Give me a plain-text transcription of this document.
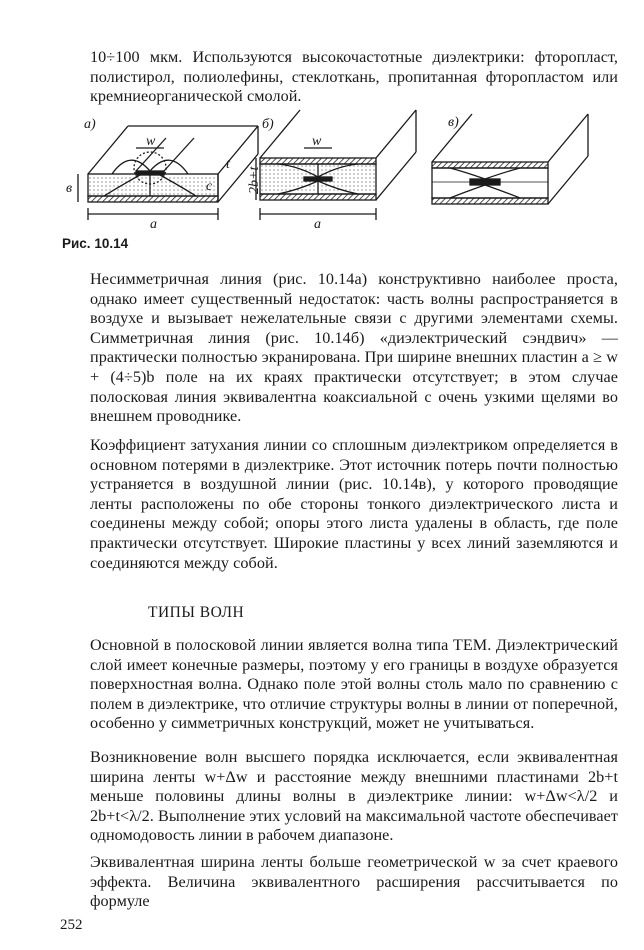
10÷100 мкм. Используются высокочастотные диэлектрики: фторопласт, полистирол, полиолефины, стеклоткань, пропитанная фторопластом или кремниеорганической смолой.

а)
w
в
t
c
a
б)
w
2b+t
a
в)
Рис. 10.14

Несимметричная линия (рис. 10.14а) конструктивно наиболее проста, однако имеет существенный недостаток: часть волны распространяется в воздухе и вызывает нежелательные связи с другими элементами схемы. Симметричная линия (рис. 10.14б) «диэлектрический сэндвич» — практически полностью экранирована. При ширине внешних пластин a ≥ w + (4÷5)b поле на их краях практически отсутствует; в этом случае полосковая линия эквивалентна коаксиальной с очень узкими щелями во внешнем проводнике.

Коэффициент затухания линии со сплошным диэлектриком определяется в основном потерями в диэлектрике. Этот источник потерь почти полностью устраняется в воздушной линии (рис. 10.14в), у которого проводящие ленты расположены по обе стороны тонкого диэлектрического листа и соединены между собой; опоры этого листа удалены в область, где поле практически отсутствует. Широкие пластины у всех линий заземляются и соединяются между собой.

ТИПЫ ВОЛН

Основной в полосковой линии является волна типа ТЕМ. Диэлектрический слой имеет конечные размеры, поэтому у его границы в воздухе образуется поверхностная волна. Однако поле этой волны столь мало по сравнению с полем в диэлектрике, что отличие структуры волны в линии от поперечной, особенно у симметричных конструкций, может не учитываться.

Возникновение волн высшего порядка исключается, если эквивалентная ширина ленты w+Δw и расстояние между внешними пластинами 2b+t меньше половины длины волны в диэлектрике линии: w+Δw<λ/2 и 2b+t<λ/2. Выполнение этих условий на максимальной частоте обеспечивает одномодовость линии в рабочем диапазоне.

Эквивалентная ширина ленты больше геометрической w за счет краевого эффекта. Величина эквивалентного расширения рассчитывается по формуле

252
